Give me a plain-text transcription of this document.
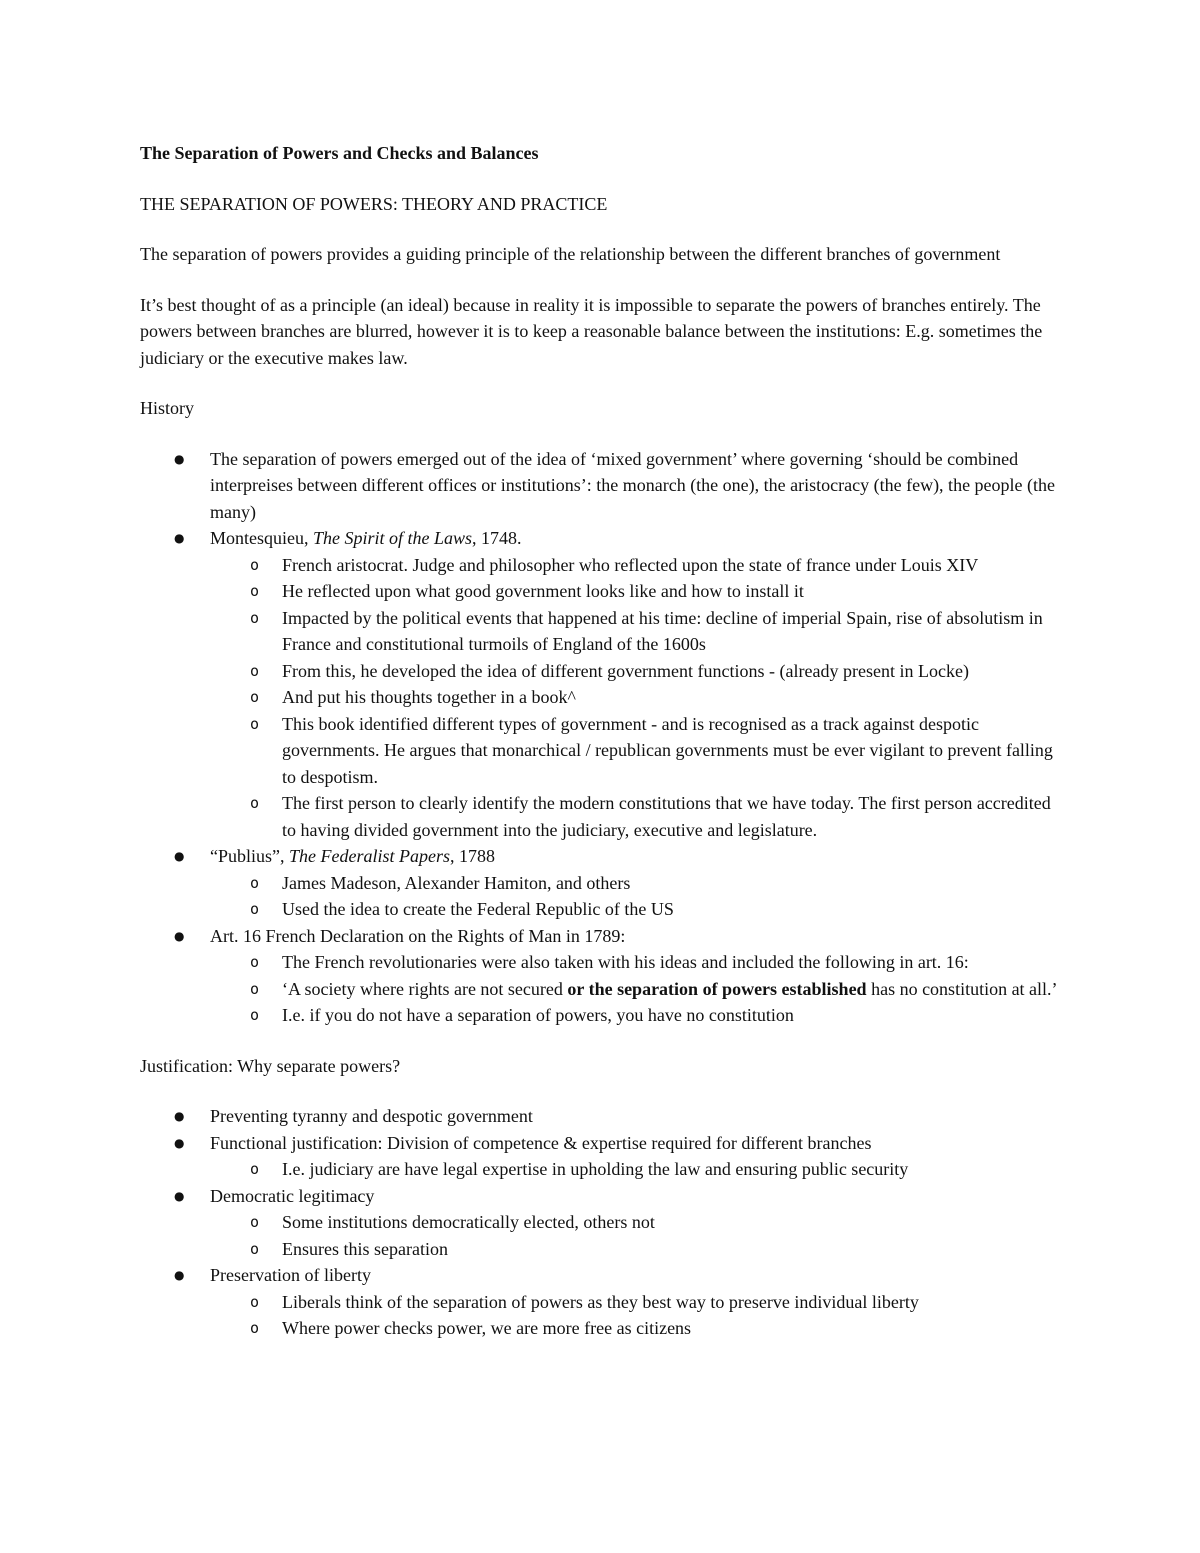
The Separation of Powers and Checks and Balances

THE SEPARATION OF POWERS: THEORY AND PRACTICE

The separation of powers provides a guiding principle of the relationship between the different branches of government

It’s best thought of as a principle (an ideal) because in reality it is impossible to separate the powers of branches entirely. The powers between branches are blurred, however it is to keep a reasonable balance between the institutions: E.g. sometimes the judiciary or the executive makes law.

History

● The separation of powers emerged out of the idea of ‘mixed government’ where governing ‘should be combined interpreises between different offices or institutions’: the monarch (the one), the aristocracy (the few), the people (the many)
● Montesquieu, The Spirit of the Laws, 1748.
o French aristocrat. Judge and philosopher who reflected upon the state of france under Louis XIV
o He reflected upon what good government looks like and how to install it
o Impacted by the political events that happened at his time: decline of imperial Spain, rise of absolutism in France and constitutional turmoils of England of the 1600s
o From this, he developed the idea of different government functions - (already present in Locke)
o And put his thoughts together in a book^
o This book identified different types of government - and is recognised as a track against despotic governments. He argues that monarchical / republican governments must be ever vigilant to prevent falling to despotism.
o The first person to clearly identify the modern constitutions that we have today. The first person accredited to having divided government into the judiciary, executive and legislature.
● “Publius”, The Federalist Papers, 1788
o James Madeson, Alexander Hamiton, and others
o Used the idea to create the Federal Republic of the US
● Art. 16 French Declaration on the Rights of Man in 1789:
o The French revolutionaries were also taken with his ideas and included the following in art. 16:
o ‘A society where rights are not secured or the separation of powers established has no constitution at all.’
o I.e. if you do not have a separation of powers, you have no constitution

Justification: Why separate powers?

● Preventing tyranny and despotic government
● Functional justification: Division of competence & expertise required for different branches
o I.e. judiciary are have legal expertise in upholding the law and ensuring public security
● Democratic legitimacy
o Some institutions democratically elected, others not
o Ensures this separation
● Preservation of liberty
o Liberals think of the separation of powers as they best way to preserve individual liberty
o Where power checks power, we are more free as citizens
